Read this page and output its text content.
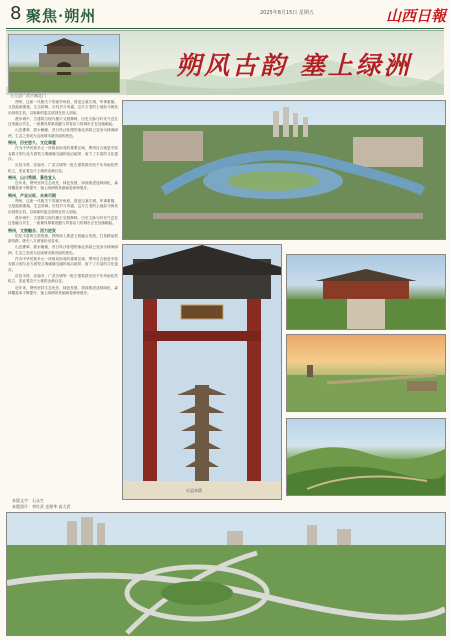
8 聚焦·朔州	2025年8月15日 星期五	山西日報
右玉县广武古城北门
朔风古韵 塞上绿洲

朔州，这座一代雄关下的塞外州府，曾是边塞古城、军事重镇，又是能源重地、生态屏障。历经岁月风霜，这片古老的土地如今焕发出勃勃生机，以崭新的姿态展现在世人面前。

漫步城中，古建筑与现代楼宇交相辉映，历史文脉与时代气息在这里融合共生，一座兼具厚重底蕴与青春活力的城市正在加速崛起。

山峦叠翠、碧水蜿蜒，昔日风沙弥漫的塞北高原已变身为林海绿洲，生态之美成为这座城市最亮丽的底色。

朔州，历史悠久、文化厚重

作为中华民族多元一体格局形成的重要区域，朔州自古就是中原农耕文明与北方游牧文明碰撞交融的前沿地带，留下了丰富的文化遗存。

应县木塔、崇福寺、广武古城等一批古建筑群历经千年风雨依然屹立，见证着这片土地的沧桑巨变。

朔州，山川秀丽、景色宜人

近年来，朔州坚持生态优先、绿色发展，持续推进造林绿化，森林覆盖率不断提升，塞上绿洲的美丽画卷徐徐展开。

朔州，产业兴旺、未来可期

朔州，这座一代雄关下的塞外州府，曾是边塞古城、军事重镇，又是能源重地、生态屏障。历经岁月风霜，这片古老的土地如今焕发出勃勃生机，以崭新的姿态展现在世人面前。

漫步城中，古建筑与现代楼宇交相辉映，历史文脉与时代气息在这里融合共生，一座兼具厚重底蕴与青春活力的城市正在加速崛起。

朔州，文旅融合、活力迸发

依托丰富的文旅资源，朔州深入推进文旅融合发展，打造精品旅游线路，吸引八方游客纷至沓来。

山峦叠翠、碧水蜿蜒，昔日风沙弥漫的塞北高原已变身为林海绿洲，生态之美成为这座城市最亮丽的底色。

作为中华民族多元一体格局形成的重要区域，朔州自古就是中原农耕文明与北方游牧文明碰撞交融的前沿地带，留下了丰富的文化遗存。

应县木塔、崇福寺、广武古城等一批古建筑群历经千年风雨依然屹立，见证着这片土地的沧桑巨变。

近年来，朔州坚持生态优先、绿色发展，持续推进造林绿化，森林覆盖率不断提升，塞上绿洲的美丽画卷徐徐展开。

应县木塔
本版文字：石永生
本版图片：李红武 史源华 高大武
